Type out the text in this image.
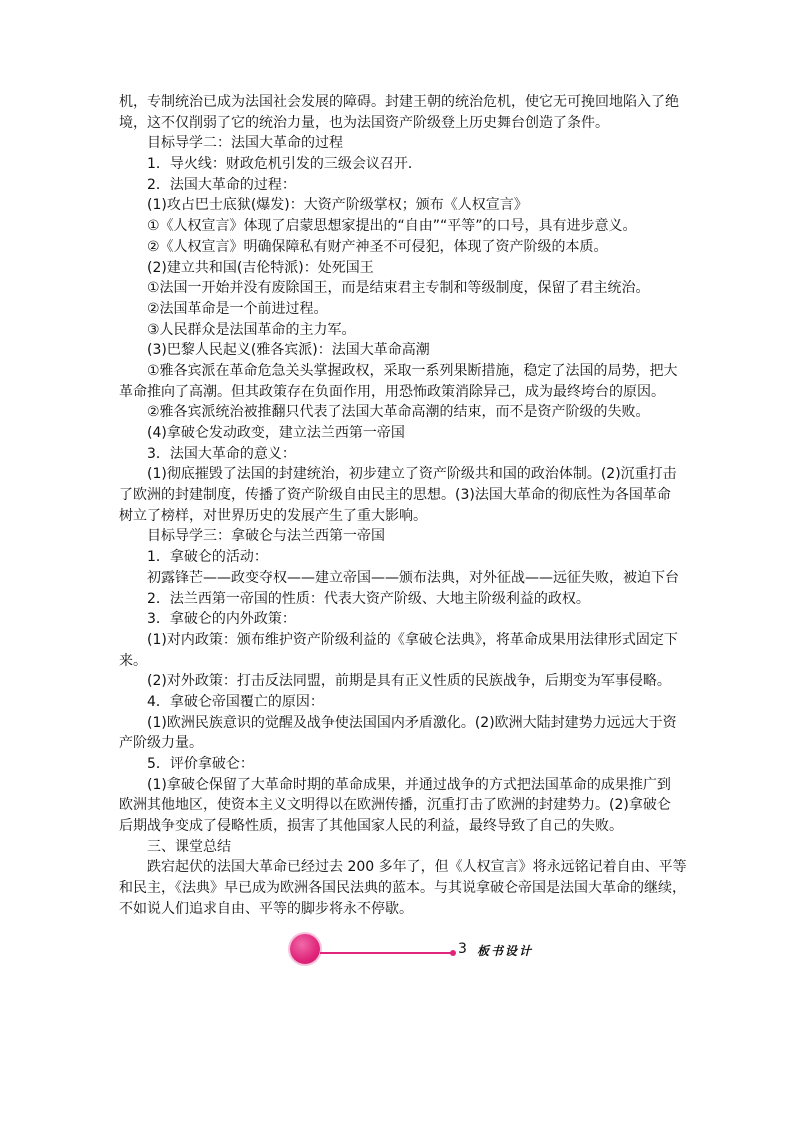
机，专制统治已成为法国社会发展的障碍。封建王朝的统治危机，使它无可挽回地陷入了绝
境，这不仅削弱了它的统治力量，也为法国资产阶级登上历史舞台创造了条件。
目标导学二：法国大革命的过程
1．导火线：财政危机引发的三级会议召开．
2．法国大革命的过程：
(1)攻占巴士底狱(爆发)：大资产阶级掌权；颁布《人权宣言》
①《人权宣言》体现了启蒙思想家提出的“自由”“平等”的口号，具有进步意义。
②《人权宣言》明确保障私有财产神圣不可侵犯，体现了资产阶级的本质。
(2)建立共和国(吉伦特派)：处死国王
①法国一开始并没有废除国王，而是结束君主专制和等级制度，保留了君主统治。
②法国革命是一个前进过程。
③人民群众是法国革命的主力军。
(3)巴黎人民起义(雅各宾派)：法国大革命高潮
①雅各宾派在革命危急关头掌握政权，采取一系列果断措施，稳定了法国的局势，把大
革命推向了高潮。但其政策存在负面作用，用恐怖政策消除异己，成为最终垮台的原因。
②雅各宾派统治被推翻只代表了法国大革命高潮的结束，而不是资产阶级的失败。
(4)拿破仑发动政变，建立法兰西第一帝国
3．法国大革命的意义：
(1)彻底摧毁了法国的封建统治，初步建立了资产阶级共和国的政治体制。(2)沉重打击
了欧洲的封建制度，传播了资产阶级自由民主的思想。(3)法国大革命的彻底性为各国革命
树立了榜样，对世界历史的发展产生了重大影响。
目标导学三：拿破仑与法兰西第一帝国
1．拿破仑的活动：
初露锋芒——政变夺权——建立帝国——颁布法典，对外征战——远征失败，被迫下台
2．法兰西第一帝国的性质：代表大资产阶级、大地主阶级利益的政权。
3．拿破仑的内外政策：
(1)对内政策：颁布维护资产阶级利益的《拿破仑法典》，将革命成果用法律形式固定下
来。
(2)对外政策：打击反法同盟，前期是具有正义性质的民族战争，后期变为军事侵略。
4．拿破仑帝国覆亡的原因：
(1)欧洲民族意识的觉醒及战争使法国国内矛盾激化。(2)欧洲大陆封建势力远远大于资
产阶级力量。
5．评价拿破仑：
(1)拿破仑保留了大革命时期的革命成果，并通过战争的方式把法国革命的成果推广到
欧洲其他地区，使资本主义文明得以在欧洲传播，沉重打击了欧洲的封建势力。(2)拿破仑
后期战争变成了侵略性质，损害了其他国家人民的利益，最终导致了自己的失败。
三、课堂总结
跌宕起伏的法国大革命已经过去 200 多年了，但《人权宣言》将永远铭记着自由、平等
和民主，《法典》早已成为欧洲各国民法典的蓝本。与其说拿破仑帝国是法国大革命的继续，
不如说人们追求自由、平等的脚步将永不停歇。
3 板书设计
